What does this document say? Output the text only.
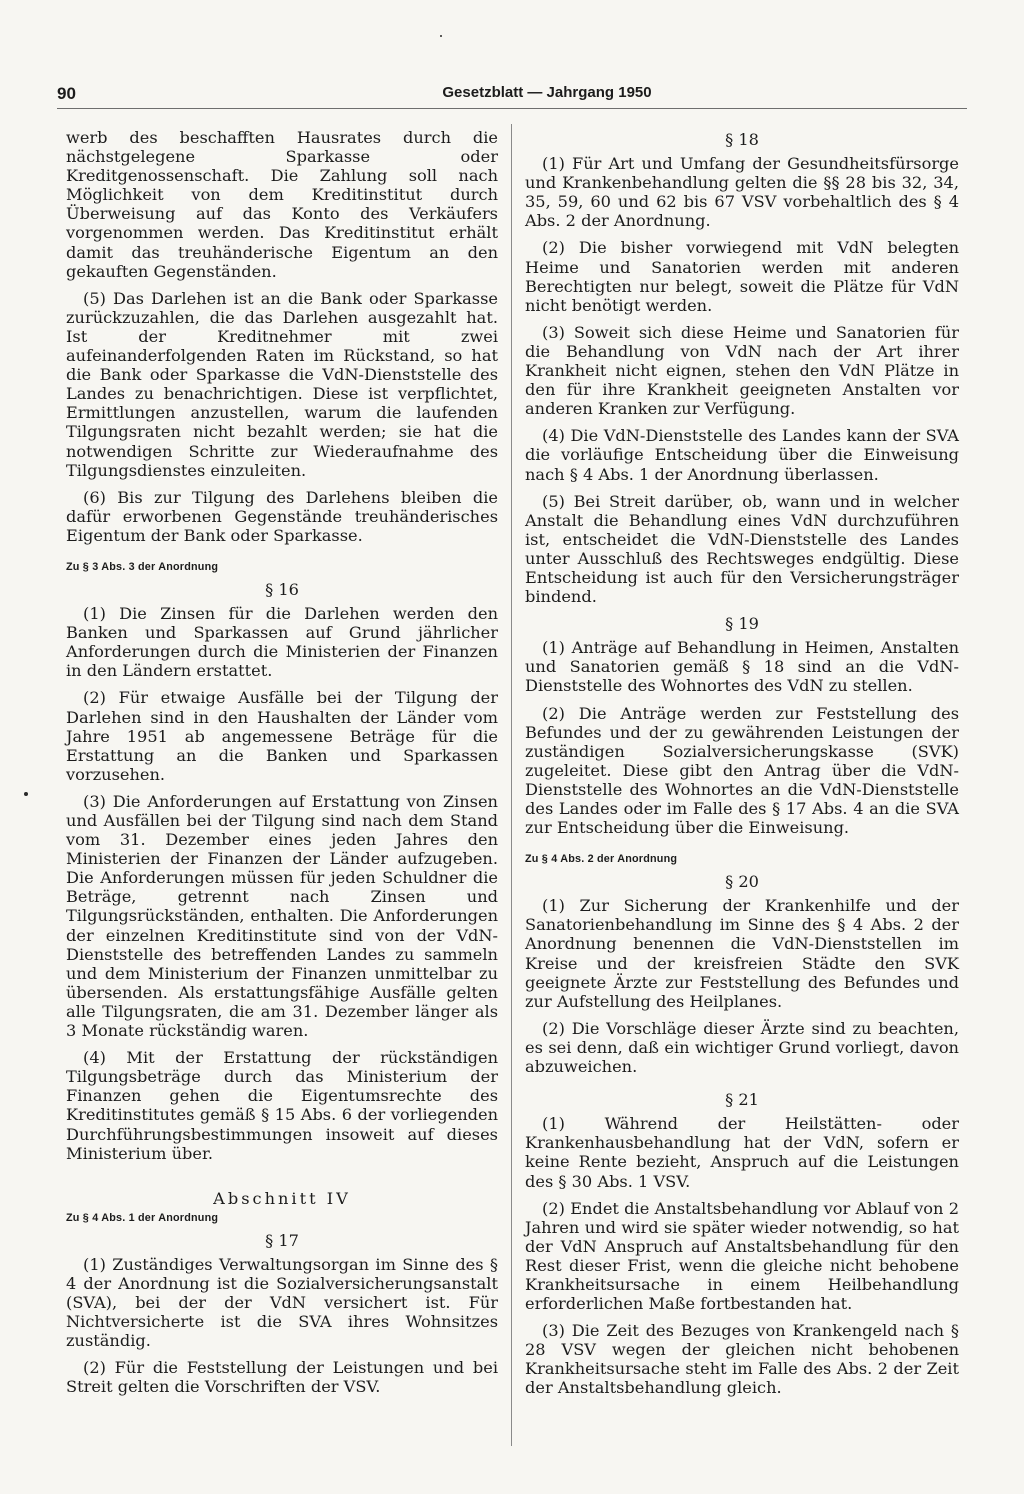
90	Gesetzblatt — Jahrgang 1950

werb des beschafften Hausrates durch die nächstgelegene Sparkasse oder Kreditgenossenschaft. Die Zahlung soll nach Möglichkeit von dem Kreditinstitut durch Überweisung auf das Konto des Verkäufers vorgenommen werden. Das Kreditinstitut erhält damit das treuhänderische Eigentum an den gekauften Gegenständen.

(5) Das Darlehen ist an die Bank oder Sparkasse zurückzuzahlen, die das Darlehen ausgezahlt hat. Ist der Kreditnehmer mit zwei aufeinanderfolgenden Raten im Rückstand, so hat die Bank oder Sparkasse die VdN-Dienststelle des Landes zu benachrichtigen. Diese ist verpflichtet, Ermittlungen anzustellen, warum die laufenden Tilgungsraten nicht bezahlt werden; sie hat die notwendigen Schritte zur Wiederaufnahme des Tilgungsdienstes einzuleiten.

(6) Bis zur Tilgung des Darlehens bleiben die dafür erworbenen Gegenstände treuhänderisches Eigentum der Bank oder Sparkasse.

Zu § 3 Abs. 3 der Anordnung
§ 16

(1) Die Zinsen für die Darlehen werden den Banken und Sparkassen auf Grund jährlicher Anforderungen durch die Ministerien der Finanzen in den Ländern erstattet.

(2) Für etwaige Ausfälle bei der Tilgung der Darlehen sind in den Haushalten der Länder vom Jahre 1951 ab angemessene Beträge für die Erstattung an die Banken und Sparkassen vorzusehen.

(3) Die Anforderungen auf Erstattung von Zinsen und Ausfällen bei der Tilgung sind nach dem Stand vom 31. Dezember eines jeden Jahres den Ministerien der Finanzen der Länder aufzugeben. Die Anforderungen müssen für jeden Schuldner die Beträge, getrennt nach Zinsen und Tilgungsrückständen, enthalten. Die Anforderungen der einzelnen Kreditinstitute sind von der VdN-Dienststelle des betreffenden Landes zu sammeln und dem Ministerium der Finanzen unmittelbar zu übersenden. Als erstattungsfähige Ausfälle gelten alle Tilgungsraten, die am 31. Dezember länger als 3 Monate rückständig waren.

(4) Mit der Erstattung der rückständigen Tilgungsbeträge durch das Ministerium der Finanzen gehen die Eigentumsrechte des Kreditinstitutes gemäß § 15 Abs. 6 der vorliegenden Durchführungsbestimmungen insoweit auf dieses Ministerium über.

Abschnitt IV
Zu § 4 Abs. 1 der Anordnung
§ 17

(1) Zuständiges Verwaltungsorgan im Sinne des § 4 der Anordnung ist die Sozialversicherungsanstalt (SVA), bei der der VdN versichert ist. Für Nichtversicherte ist die SVA ihres Wohnsitzes zuständig.

(2) Für die Feststellung der Leistungen und bei Streit gelten die Vorschriften der VSV.

§ 18

(1) Für Art und Umfang der Gesundheitsfürsorge und Krankenbehandlung gelten die §§ 28 bis 32, 34, 35, 59, 60 und 62 bis 67 VSV vorbehaltlich des § 4 Abs. 2 der Anordnung.

(2) Die bisher vorwiegend mit VdN belegten Heime und Sanatorien werden mit anderen Berechtigten nur belegt, soweit die Plätze für VdN nicht benötigt werden.

(3) Soweit sich diese Heime und Sanatorien für die Behandlung von VdN nach der Art ihrer Krankheit nicht eignen, stehen den VdN Plätze in den für ihre Krankheit geeigneten Anstalten vor anderen Kranken zur Verfügung.

(4) Die VdN-Dienststelle des Landes kann der SVA die vorläufige Entscheidung über die Einweisung nach § 4 Abs. 1 der Anordnung überlassen.

(5) Bei Streit darüber, ob, wann und in welcher Anstalt die Behandlung eines VdN durchzuführen ist, entscheidet die VdN-Dienststelle des Landes unter Ausschluß des Rechtsweges endgültig. Diese Entscheidung ist auch für den Versicherungsträger bindend.

§ 19

(1) Anträge auf Behandlung in Heimen, Anstalten und Sanatorien gemäß § 18 sind an die VdN-Dienststelle des Wohnortes des VdN zu stellen.

(2) Die Anträge werden zur Feststellung des Befundes und der zu gewährenden Leistungen der zuständigen Sozialversicherungskasse (SVK) zugeleitet. Diese gibt den Antrag über die VdN-Dienststelle des Wohnortes an die VdN-Dienststelle des Landes oder im Falle des § 17 Abs. 4 an die SVA zur Entscheidung über die Einweisung.

Zu § 4 Abs. 2 der Anordnung
§ 20

(1) Zur Sicherung der Krankenhilfe und der Sanatorienbehandlung im Sinne des § 4 Abs. 2 der Anordnung benennen die VdN-Dienststellen im Kreise und der kreisfreien Städte den SVK geeignete Ärzte zur Feststellung des Befundes und zur Aufstellung des Heilplanes.

(2) Die Vorschläge dieser Ärzte sind zu beachten, es sei denn, daß ein wichtiger Grund vorliegt, davon abzuweichen.

§ 21

(1) Während der Heilstätten- oder Krankenhausbehandlung hat der VdN, sofern er keine Rente bezieht, Anspruch auf die Leistungen des § 30 Abs. 1 VSV.

(2) Endet die Anstaltsbehandlung vor Ablauf von 2 Jahren und wird sie später wieder notwendig, so hat der VdN Anspruch auf Anstaltsbehandlung für den Rest dieser Frist, wenn die gleiche nicht behobene Krankheitsursache in einem Heilbehandlung erforderlichen Maße fortbestanden hat.

(3) Die Zeit des Bezuges von Krankengeld nach § 28 VSV wegen der gleichen nicht behobenen Krankheitsursache steht im Falle des Abs. 2 der Zeit der Anstaltsbehandlung gleich.
